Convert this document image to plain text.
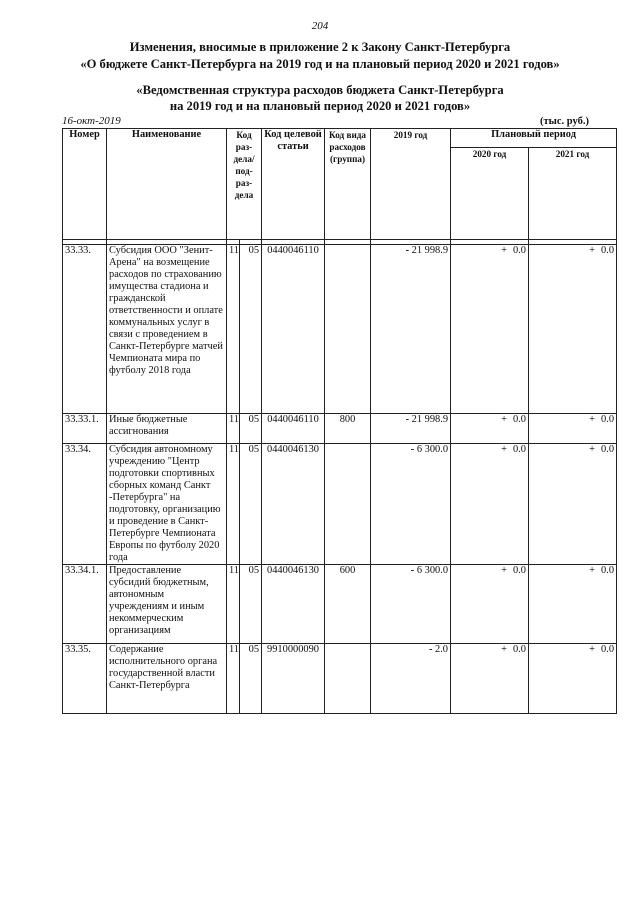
204
Изменения, вносимые в приложение 2 к Закону Санкт-Петербурга
«О бюджете Санкт-Петербурга на 2019 год и на плановый период 2020 и 2021 годов»
«Ведомственная структура расходов бюджета Санкт-Петербурга
на 2019 год и на плановый период 2020 и 2021 годов»
16-окт-2019	(тыс. руб.)
Номер	Наименование	Код раз-дела/ под-раз-дела		Код целевой статьи	Код вида расходов (группа)	2019 год	Плановый период	
							2020 год	2021 год

33.33.	Субсидия ООО "Зенит-Арена" на возмещение расходов по страхованию имущества стадиона и гражданской ответственности и оплате коммунальных услуг в связи с проведением в Санкт-Петербурге матчей Чемпионата мира по футболу 2018 года	11	05	0440046110		- 21 998.9	+ 0.0	+ 0.0
33.33.1.	Иные бюджетные ассигнования	11	05	0440046110	800	- 21 998.9	+ 0.0	+ 0.0
33.34.	Субсидия автономному учреждению "Центр подготовки спортивных сборных команд Санкт -Петербурга" на подготовку, организацию и проведение в Санкт-Петербурге Чемпионата Европы по футболу 2020 года	11	05	0440046130		- 6 300.0	+ 0.0	+ 0.0
33.34.1.	Предоставление субсидий бюджетным, автономным учреждениям и иным некоммерческим организациям	11	05	0440046130	600	- 6 300.0	+ 0.0	+ 0.0
33.35.	Содержание исполнительного органа государственной власти Санкт-Петербурга	11	05	9910000090		- 2.0	+ 0.0	+ 0.0
